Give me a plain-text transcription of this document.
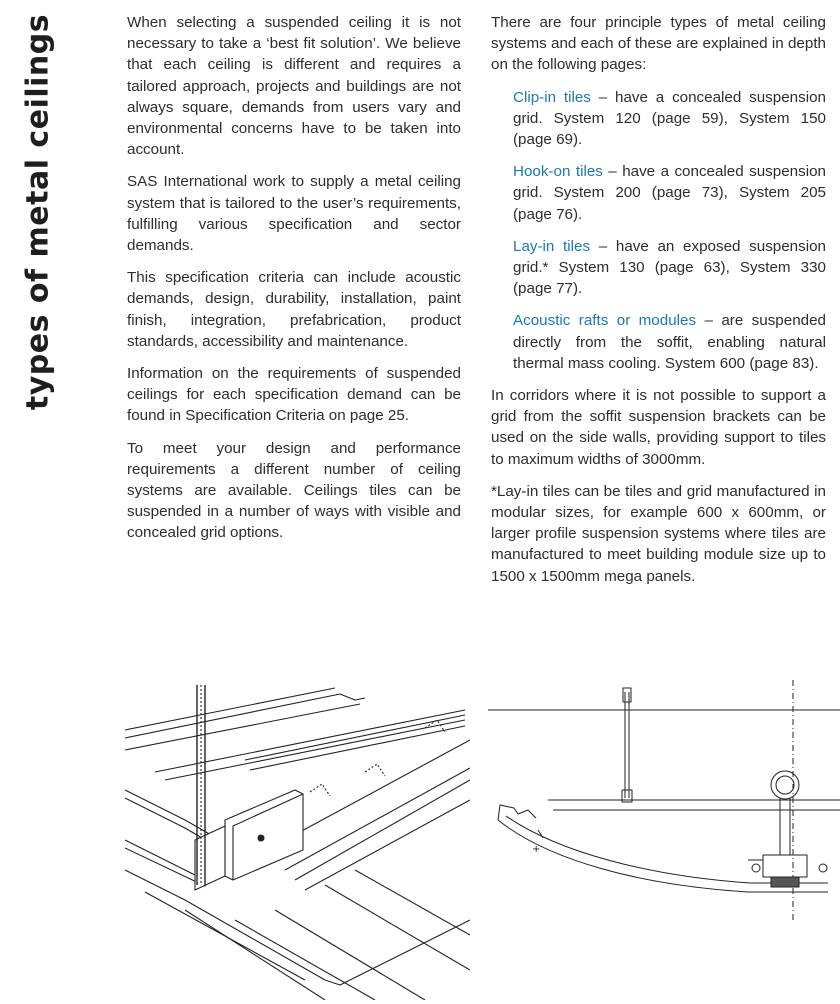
types of metal ceilings	When selecting a suspended ceiling it is not necessary to take a ‘best fit solution’. We believe that each ceiling is different and requires a tailored approach, projects and buildings are not always square, demands from users vary and environmental concerns have to be taken into account.

SAS International work to supply a metal ceiling system that is tailored to the user’s requirements, fulfilling various specification and sector demands.

This specification criteria can include acoustic demands, design, durability, installation, paint finish, integration, prefabrication, product standards, accessibility and maintenance.

Information on the requirements of suspended ceilings for each specification demand can be found in Specification Criteria on page 25.

To meet your design and performance requirements a different number of ceiling systems are available. Ceilings tiles can be suspended in a number of ways with visible and concealed grid options.

There are four principle types of metal ceiling systems and each of these are explained in depth on the following pages:

Clip-in tiles – have a concealed suspension grid. System 120 (page 59), System 150 (page 69).

Hook-on tiles – have a concealed suspension grid. System 200 (page 73), System 205 (page 76).

Lay-in tiles – have an exposed suspension grid.* System 130 (page 63), System 330 (page 77).

Acoustic rafts or modules – are suspended directly from the soffit, enabling natural thermal mass cooling. System 600 (page 83).

In corridors where it is not possible to support a grid from the soffit suspension brackets can be used on the side walls, providing support to tiles to maximum widths of 3000mm.

*Lay-in tiles can be tiles and grid manufactured in modular sizes, for example 600 x 600mm, or larger profile suspension systems where tiles are manufactured to meet building module size up to 1500 x 1500mm mega panels.

+
